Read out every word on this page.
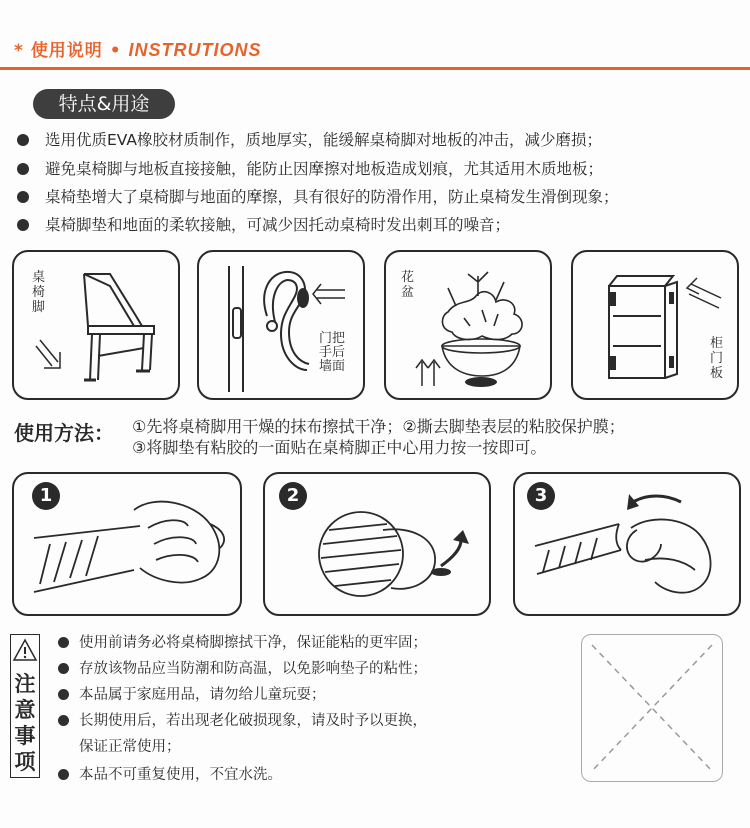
* 使用说明 • INSTRUTIONS
特点&用途
选用优质EVA橡胶材质制作，质地厚实，能缓解桌椅脚对地板的冲击，减少磨损；
避免桌椅脚与地板直接接触，能防止因摩擦对地板造成划痕，尤其适用木质地板；
桌椅垫增大了桌椅脚与地面的摩擦，具有很好的防滑作用，防止桌椅发生滑倒现象；
桌椅脚垫和地面的柔软接触，可减少因托动桌椅时发出刺耳的噪音；
桌椅脚
门把手后墙面
花盆
柜门板
使用方法： ①先将桌椅脚用干燥的抹布擦拭干净；②撕去脚垫表层的粘胶保护膜；
③将脚垫有粘胶的一面贴在桌椅脚正中心用力按一按即可。
1	2	3
注
意
事
项
使用前请务必将桌椅脚擦拭干净，保证能粘的更牢固；
存放该物品应当防潮和防高温，以免影响垫子的粘性；
本品属于家庭用品，请勿给儿童玩耍；
长期使用后，若出现老化破损现象，请及时予以更换，
保证正常使用；
本品不可重复使用，不宜水洗。
